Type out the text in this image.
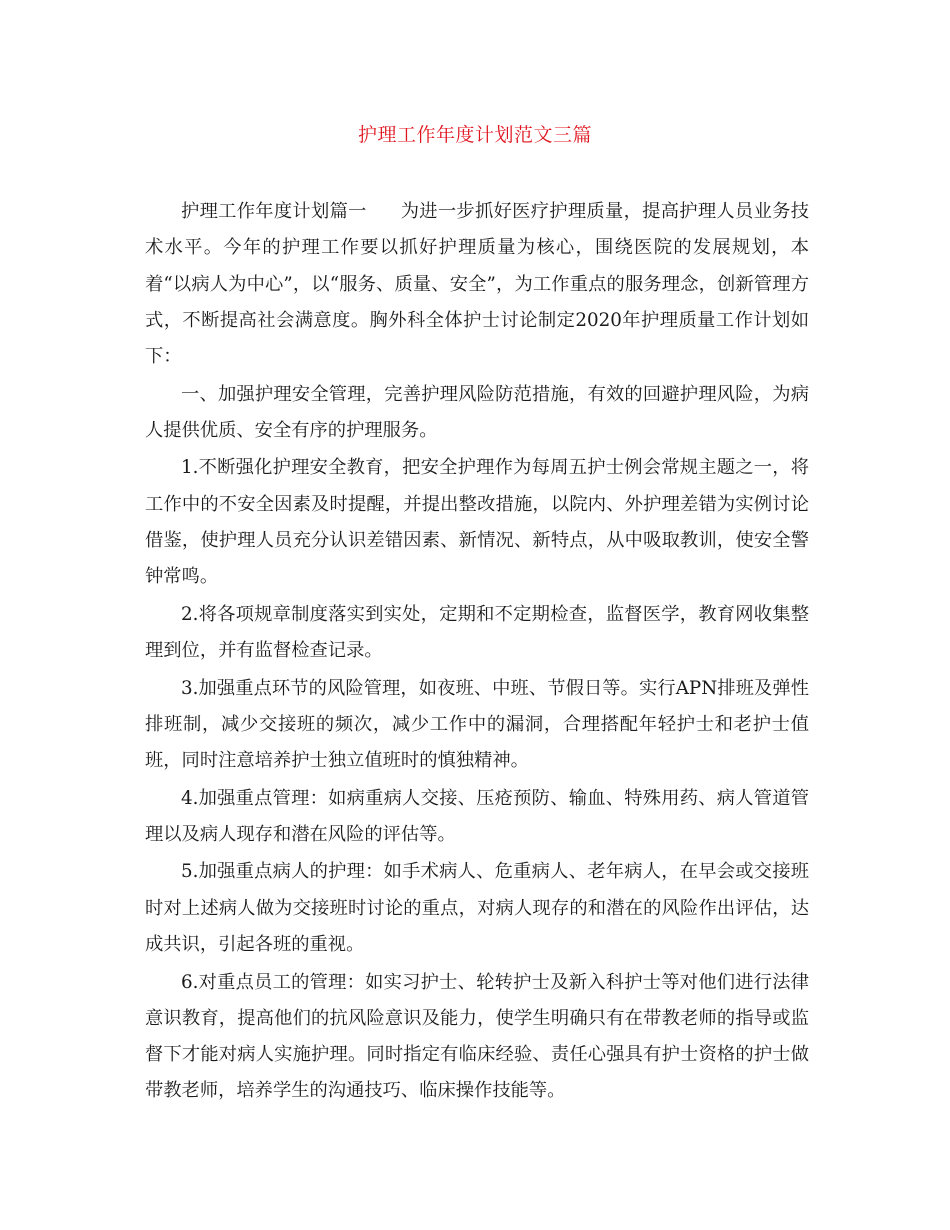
护理工作年度计划范文三篇

护理工作年度计划篇一 为进一步抓好医疗护理质量，提高护理人员业务技术水平。今年的护理工作要以抓好护理质量为核心，围绕医院的发展规划，本着“以病人为中心”，以“服务、质量、安全”，为工作重点的服务理念，创新管理方式，不断提高社会满意度。胸外科全体护士讨论制定2020年护理质量工作计划如下：

一、加强护理安全管理，完善护理风险防范措施，有效的回避护理风险，为病人提供优质、安全有序的护理服务。

1.不断强化护理安全教育，把安全护理作为每周五护士例会常规主题之一，将工作中的不安全因素及时提醒，并提出整改措施，以院内、外护理差错为实例讨论借鉴，使护理人员充分认识差错因素、新情况、新特点，从中吸取教训，使安全警钟常鸣。

2.将各项规章制度落实到实处，定期和不定期检查，监督医学，教育网收集整理到位，并有监督检查记录。

3.加强重点环节的风险管理，如夜班、中班、节假日等。实行APN排班及弹性排班制，减少交接班的频次，减少工作中的漏洞，合理搭配年轻护士和老护士值班，同时注意培养护士独立值班时的慎独精神。

4.加强重点管理：如病重病人交接、压疮预防、输血、特殊用药、病人管道管理以及病人现存和潜在风险的评估等。

5.加强重点病人的护理：如手术病人、危重病人、老年病人，在早会或交接班时对上述病人做为交接班时讨论的重点，对病人现存的和潜在的风险作出评估，达成共识，引起各班的重视。

6.对重点员工的管理：如实习护士、轮转护士及新入科护士等对他们进行法律意识教育，提高他们的抗风险意识及能力，使学生明确只有在带教老师的指导或监督下才能对病人实施护理。同时指定有临床经验、责任心强具有护士资格的护士做带教老师，培养学生的沟通技巧、临床操作技能等。
